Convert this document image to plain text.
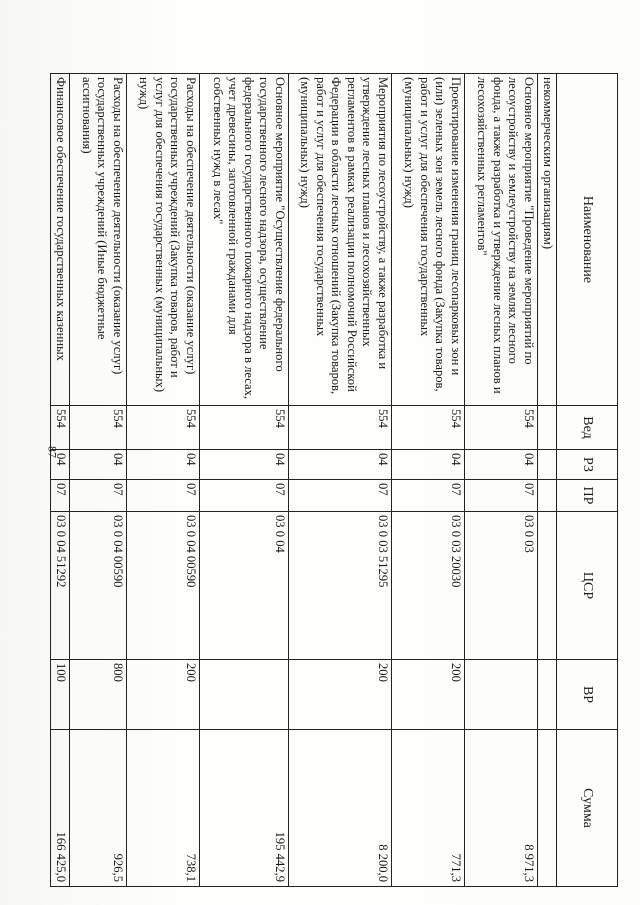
87
Наименование	Вед	РЗ	ПР	ЦСР	ВР	Сумма
некоммерческим организациям)						
Основное мероприятие "Проведение мероприятий по лесоустройству и землеустройству на землях лесного фонда, а также разработка и утверждение лесных планов и лесохозяйственных регламентов"	554	04	07	03 0 03		8 971,3
Проектирование изменения границ лесопарковых зон и (или) зеленых зон земель лесного фонда (Закупка товаров, работ и услуг для обеспечения государственных (муниципальных) нужд)	554	04	07	03 0 03 20030	200	771,3
Мероприятия по лесоустройству, а также разработка и утверждение лесных планов и лесохозяйственных регламентов в рамках реализации полномочий Российской Федерации в области лесных отношений (Закупка товаров, работ и услуг для обеспечения государственных (муниципальных) нужд)	554	04	07	03 0 03 51295	200	8 200,0
Основное мероприятие "Осуществление федерального государственного лесного надзора, осуществление федерального государственного пожарного надзора в лесах, учет древесины, заготовленной гражданами для собственных нужд в лесах"	554	04	07	03 0 04		195 442,9
Расходы на обеспечение деятельности (оказание услуг) государственных учреждений (Закупка товаров, работ и услуг для обеспечения государственных (муниципальных) нужд)	554	04	07	03 0 04 00590	200	738,1
Расходы на обеспечение деятельности (оказание услуг) государственных учреждений (Иные бюджетные ассигнования)	554	04	07	03 0 04 00590	800	926,5
Финансовое обеспечение государственных казенных	554	04	07	03 0 04 51292	100	166 425,0
